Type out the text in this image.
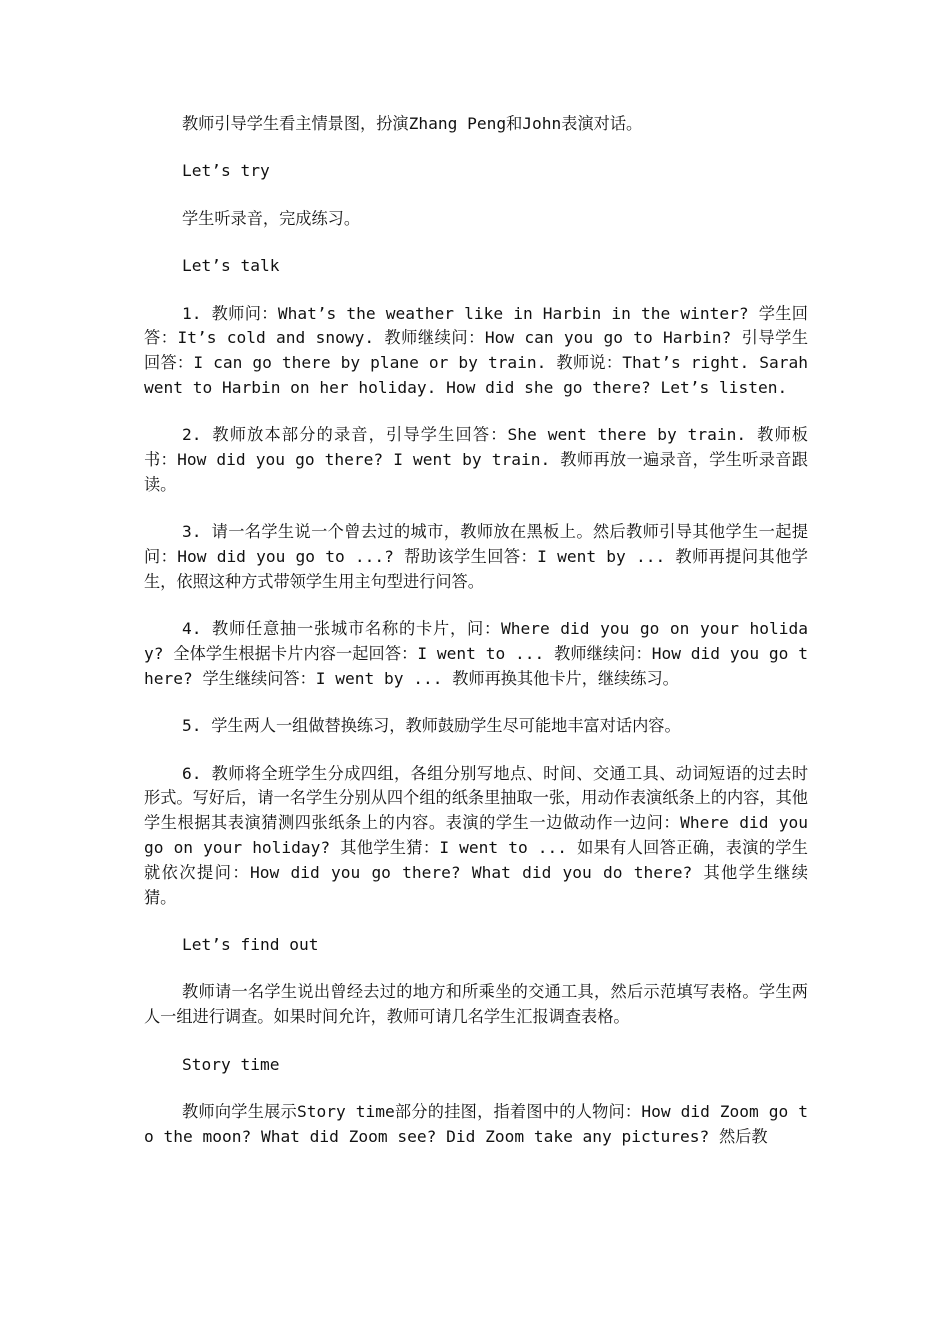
教师引导学生看主情景图，扮演Zhang Peng和John表演对话。

Let’s try

学生听录音，完成练习。

Let’s talk

1. 教师问：What’s the weather like in Harbin in the winter? 学生回答：It’s cold and snowy. 教师继续问：How can you go to Harbin? 引导学生回答：I can go there by plane or by train. 教师说：That’s right. Sarah went to Harbin on her holiday. How did she go there? Let’s listen.

2. 教师放本部分的录音，引导学生回答：She went there by train. 教师板书：How did you go there? I went by train. 教师再放一遍录音，学生听录音跟读。

3. 请一名学生说一个曾去过的城市，教师放在黑板上。然后教师引导其他学生一起提问：How did you go to ...? 帮助该学生回答：I went by ... 教师再提问其他学生，依照这种方式带领学生用主句型进行问答。

4. 教师任意抽一张城市名称的卡片，问：Where did you go on your holiday? 全体学生根据卡片内容一起回答：I went to ... 教师继续问：How did you go there? 学生继续问答：I went by ... 教师再换其他卡片，继续练习。

5. 学生两人一组做替换练习，教师鼓励学生尽可能地丰富对话内容。

6. 教师将全班学生分成四组，各组分别写地点、时间、交通工具、动词短语的过去时形式。写好后，请一名学生分别从四个组的纸条里抽取一张，用动作表演纸条上的内容，其他学生根据其表演猜测四张纸条上的内容。表演的学生一边做动作一边问：Where did you go on your holiday? 其他学生猜：I went to ... 如果有人回答正确，表演的学生就依次提问：How did you go there? What did you do there? 其他学生继续猜。

Let’s find out

教师请一名学生说出曾经去过的地方和所乘坐的交通工具，然后示范填写表格。学生两人一组进行调查。如果时间允许，教师可请几名学生汇报调查表格。

Story time

教师向学生展示Story time部分的挂图，指着图中的人物问：How did Zoom go to the moon? What did Zoom see? Did Zoom take any pictures? 然后教
